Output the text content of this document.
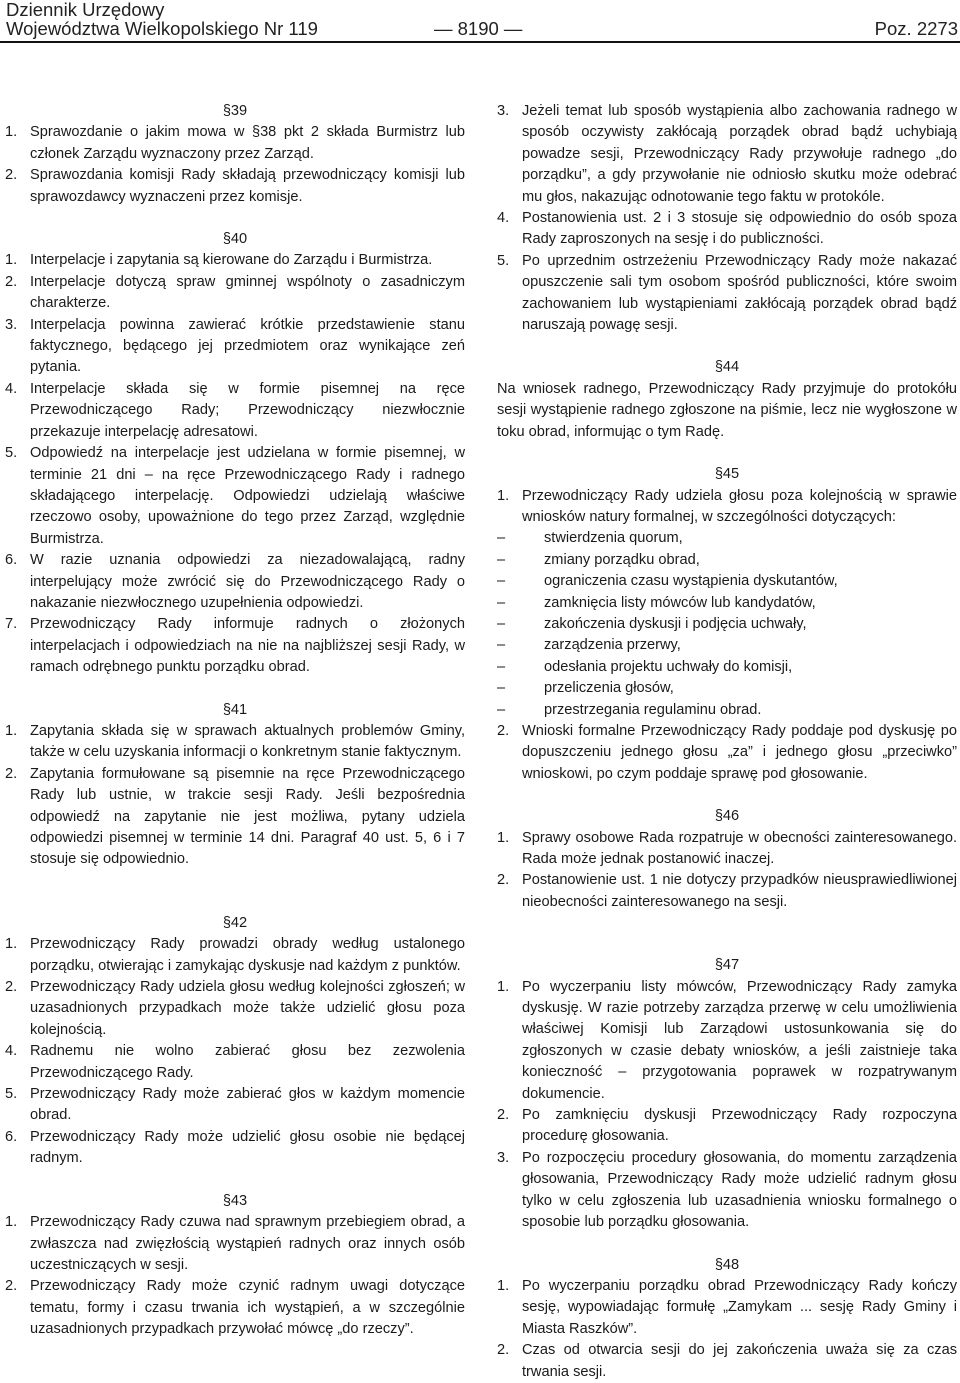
Dziennik Urzędowy
Województwa Wielkopolskiego Nr 119	— 8190 —	Poz. 2273

§39

1. Sprawozdanie o jakim mowa w §38 pkt 2 składa Burmistrz lub członek Zarządu wyznaczony przez Zarząd.
2. Sprawozdania komisji Rady składają przewodniczący komisji lub sprawozdawcy wyznaczeni przez komisje.

§40

1. Interpelacje i zapytania są kierowane do Zarządu i Burmistrza.
2. Interpelacje dotyczą spraw gminnej wspólnoty o zasadniczym charakterze.
3. Interpelacja powinna zawierać krótkie przedstawienie stanu faktycznego, będącego jej przedmiotem oraz wynikające zeń pytania.
4. Interpelacje składa się w formie pisemnej na ręce Przewodniczącego Rady; Przewodniczący niezwłocznie przekazuje interpelację adresatowi.
5. Odpowiedź na interpelacje jest udzielana w formie pisemnej, w terminie 21 dni – na ręce Przewodniczącego Rady i radnego składającego interpelację. Odpowiedzi udzielają właściwe rzeczowo osoby, upoważnione do tego przez Zarząd, względnie Burmistrza.
6. W razie uznania odpowiedzi za niezadowalającą, radny interpelujący może zwrócić się do Przewodniczącego Rady o nakazanie niezwłocznego uzupełnienia odpowiedzi.
7. Przewodniczący Rady informuje radnych o złożonych interpelacjach i odpowiedziach na nie na najbliższej sesji Rady, w ramach odrębnego punktu porządku obrad.

§41

1. Zapytania składa się w sprawach aktualnych problemów Gminy, także w celu uzyskania informacji o konkretnym stanie faktycznym.
2. Zapytania formułowane są pisemnie na ręce Przewodniczącego Rady lub ustnie, w trakcie sesji Rady. Jeśli bezpośrednia odpowiedź na zapytanie nie jest możliwa, pytany udziela odpowiedzi pisemnej w terminie 14 dni. Paragraf 40 ust. 5, 6 i 7 stosuje się odpowiednio.

§42

1. Przewodniczący Rady prowadzi obrady według ustalonego porządku, otwierając i zamykając dyskusje nad każdym z punktów.
2. Przewodniczący Rady udziela głosu według kolejności zgłoszeń; w uzasadnionych przypadkach może także udzielić głosu poza kolejnością.
4. Radnemu nie wolno zabierać głosu bez zezwolenia Przewodniczącego Rady.
5. Przewodniczący Rady może zabierać głos w każdym momencie obrad.
6. Przewodniczący Rady może udzielić głosu osobie nie będącej radnym.

§43

1. Przewodniczący Rady czuwa nad sprawnym przebiegiem obrad, a zwłaszcza nad zwięzłością wystąpień radnych oraz innych osób uczestniczących w sesji.
2. Przewodniczący Rady może czynić radnym uwagi dotyczące tematu, formy i czasu trwania ich wystąpień, a w szczególnie uzasadnionych przypadkach przywołać mówcę „do rzeczy”.
3. Jeżeli temat lub sposób wystąpienia albo zachowania radnego w sposób oczywisty zakłócają porządek obrad bądź uchybiają powadze sesji, Przewodniczący Rady przywołuje radnego „do porządku”, a gdy przywołanie nie odniosło skutku może odebrać mu głos, nakazując odnotowanie tego faktu w protokóle.
4. Postanowienia ust. 2 i 3 stosuje się odpowiednio do osób spoza Rady zaproszonych na sesję i do publiczności.
5. Po uprzednim ostrzeżeniu Przewodniczący Rady może nakazać opuszczenie sali tym osobom spośród publiczności, które swoim zachowaniem lub wystąpieniami zakłócają porządek obrad bądź naruszają powagę sesji.

§44

Na wniosek radnego, Przewodniczący Rady przyjmuje do protokółu sesji wystąpienie radnego zgłoszone na piśmie, lecz nie wygłoszone w toku obrad, informując o tym Radę.

§45

1. Przewodniczący Rady udziela głosu poza kolejnością w sprawie wniosków natury formalnej, w szczególności dotyczących:
–	stwierdzenia quorum,
–	zmiany porządku obrad,
–	ograniczenia czasu wystąpienia dyskutantów,
–	zamknięcia listy mówców lub kandydatów,
–	zakończenia dyskusji i podjęcia uchwały,
–	zarządzenia przerwy,
–	odesłania projektu uchwały do komisji,
–	przeliczenia głosów,
–	przestrzegania regulaminu obrad.
2. Wnioski formalne Przewodniczący Rady poddaje pod dyskusję po dopuszczeniu jednego głosu „za” i jednego głosu „przeciwko” wnioskowi, po czym poddaje sprawę pod głosowanie.

§46

1. Sprawy osobowe Rada rozpatruje w obecności zainteresowanego. Rada może jednak postanowić inaczej.
2. Postanowienie ust. 1 nie dotyczy przypadków nieusprawiedliwionej nieobecności zainteresowanego na sesji.

§47

1. Po wyczerpaniu listy mówców, Przewodniczący Rady zamyka dyskusję. W razie potrzeby zarządza przerwę w celu umożliwienia właściwej Komisji lub Zarządowi ustosunkowania się do zgłoszonych w czasie debaty wniosków, a jeśli zaistnieje taka konieczność – przygotowania poprawek w rozpatrywanym dokumencie.
2. Po zamknięciu dyskusji Przewodniczący Rady rozpoczyna procedurę głosowania.
3. Po rozpoczęciu procedury głosowania, do momentu zarządzenia głosowania, Przewodniczący Rady może udzielić radnym głosu tylko w celu zgłoszenia lub uzasadnienia wniosku formalnego o sposobie lub porządku głosowania.

§48

1. Po wyczerpaniu porządku obrad Przewodniczący Rady kończy sesję, wypowiadając formułę „Zamykam ... sesję Rady Gminy i Miasta Raszków”.
2. Czas od otwarcia sesji do jej zakończenia uważa się za czas trwania sesji.
